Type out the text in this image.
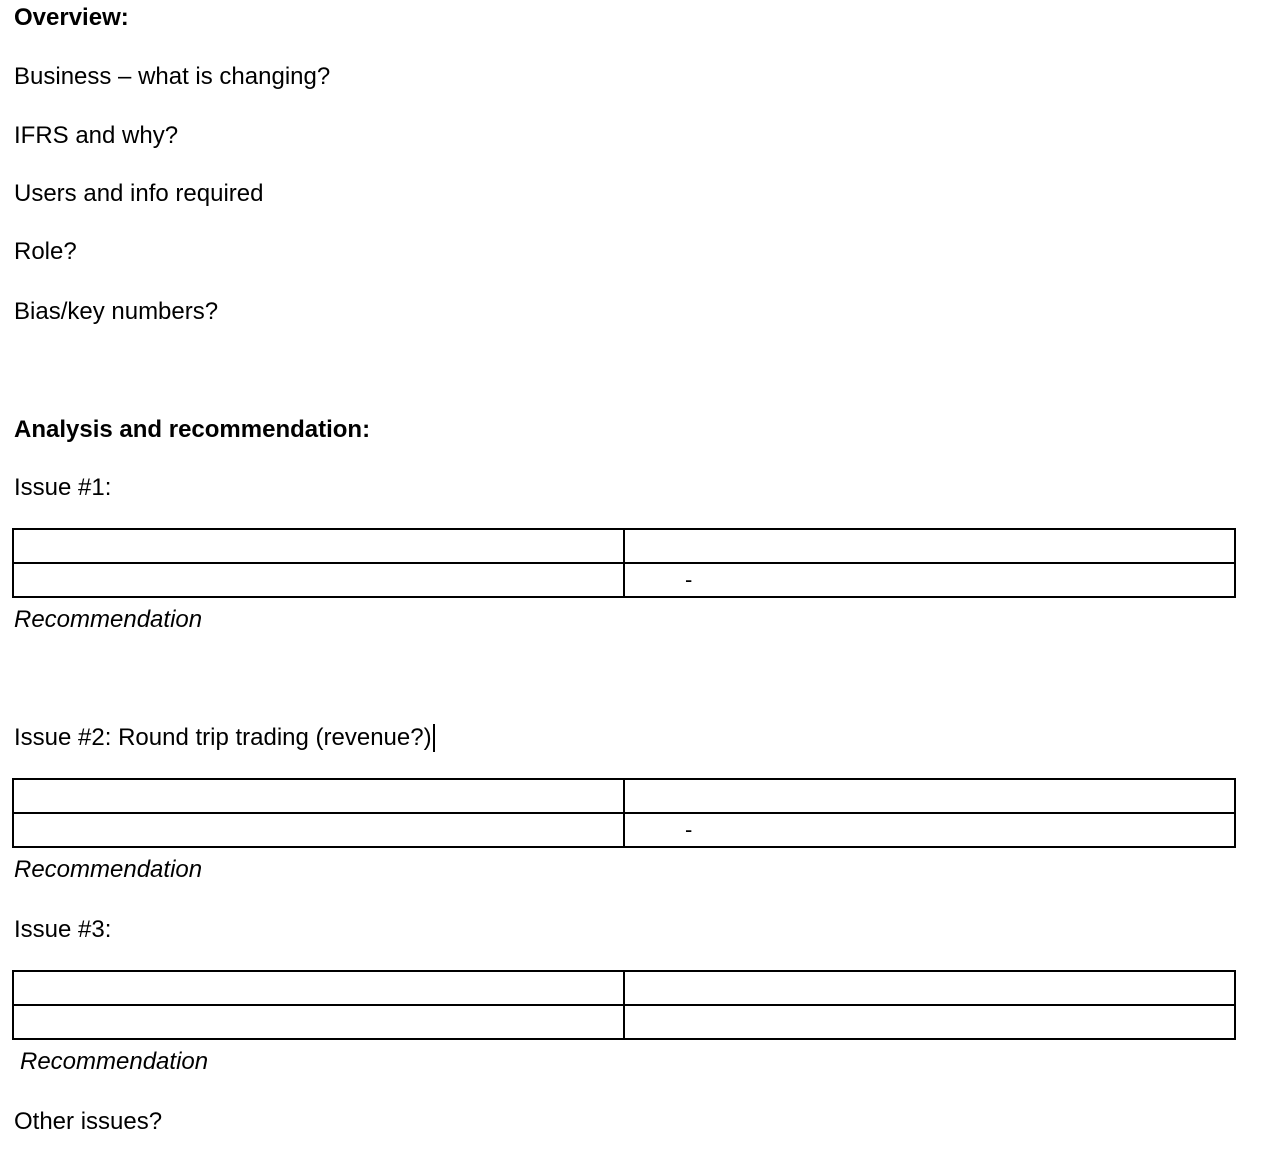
Overview:
Business – what is changing?
IFRS and why?
Users and info required
Role?
Bias/key numbers?
Analysis and recommendation:
Issue #1:

	-
Recommendation
Issue #2: Round trip trading (revenue?)

	-
Recommendation
Issue #3:

Recommendation
Other issues?
